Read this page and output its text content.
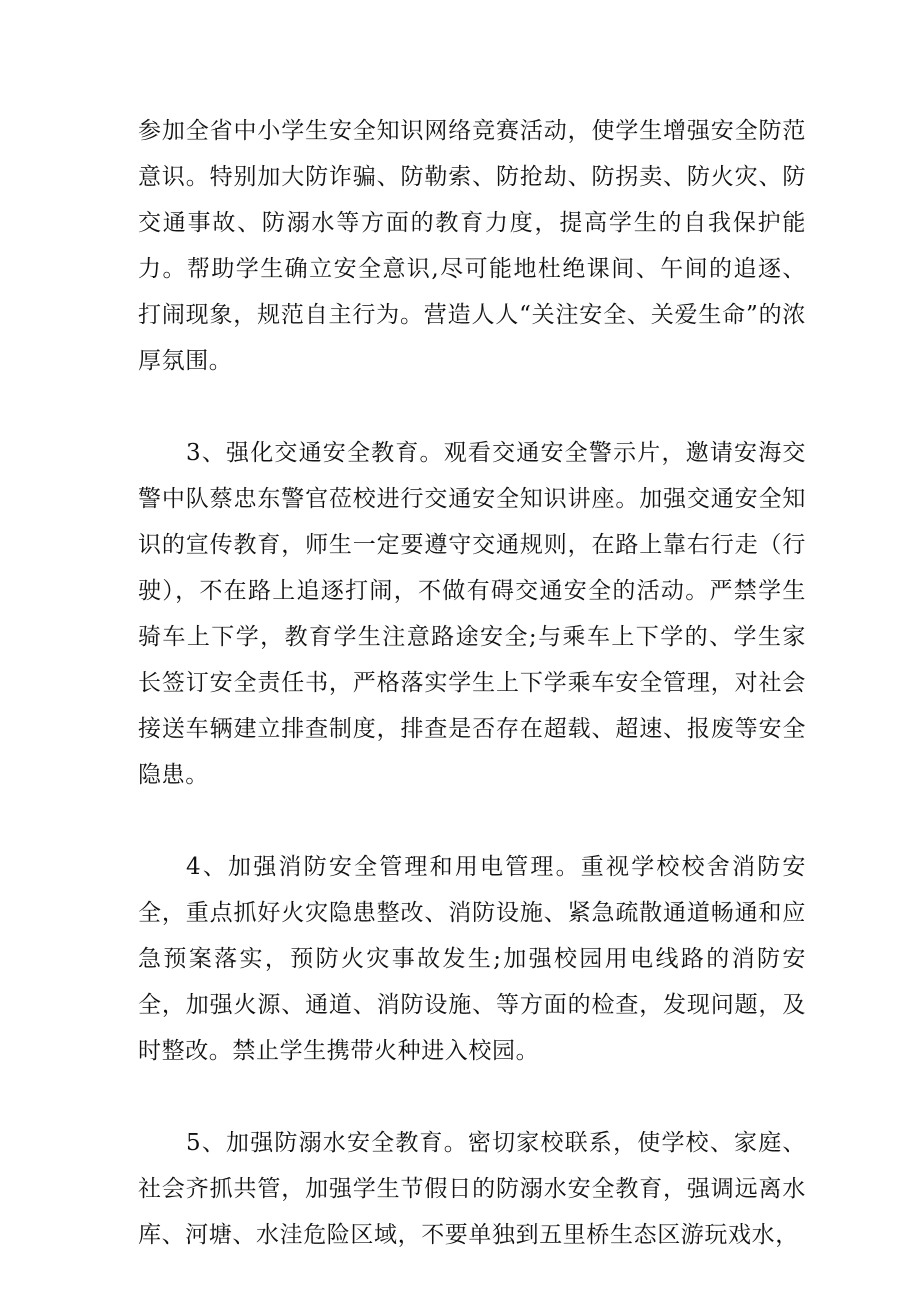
参加全省中小学生安全知识网络竞赛活动，使学生增强安全防范意识。特别加大防诈骗、防勒索、防抢劫、防拐卖、防火灾、防交通事故、防溺水等方面的教育力度，提高学生的自我保护能力。帮助学生确立安全意识,尽可能地杜绝课间、午间的追逐、打闹现象，规范自主行为。营造人人“关注安全、关爱生命”的浓厚氛围。

3、强化交通安全教育。观看交通安全警示片，邀请安海交警中队蔡忠东警官莅校进行交通安全知识讲座。加强交通安全知识的宣传教育，师生一定要遵守交通规则，在路上靠右行走（行驶），不在路上追逐打闹，不做有碍交通安全的活动。严禁学生骑车上下学，教育学生注意路途安全;与乘车上下学的、学生家长签订安全责任书，严格落实学生上下学乘车安全管理，对社会接送车辆建立排查制度，排查是否存在超载、超速、报废等安全隐患。

4、加强消防安全管理和用电管理。重视学校校舍消防安全，重点抓好火灾隐患整改、消防设施、紧急疏散通道畅通和应急预案落实，预防火灾事故发生;加强校园用电线路的消防安全，加强火源、通道、消防设施、等方面的检查，发现问题，及时整改。禁止学生携带火种进入校园。

5、加强防溺水安全教育。密切家校联系，使学校、家庭、社会齐抓共管，加强学生节假日的防溺水安全教育，强调远离水库、河塘、水洼危险区域，不要单独到五里桥生态区游玩戏水，
